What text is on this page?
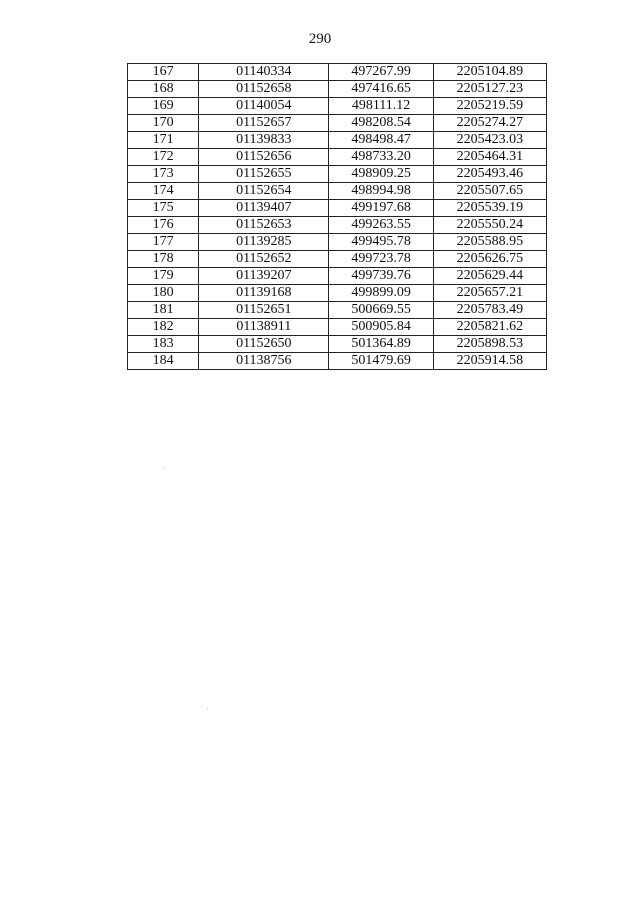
290
167	01140334	497267.99	2205104.89
168	01152658	497416.65	2205127.23
169	01140054	498111.12	2205219.59
170	01152657	498208.54	2205274.27
171	01139833	498498.47	2205423.03
172	01152656	498733.20	2205464.31
173	01152655	498909.25	2205493.46
174	01152654	498994.98	2205507.65
175	01139407	499197.68	2205539.19
176	01152653	499263.55	2205550.24
177	01139285	499495.78	2205588.95
178	01152652	499723.78	2205626.75
179	01139207	499739.76	2205629.44
180	01139168	499899.09	2205657.21
181	01152651	500669.55	2205783.49
182	01138911	500905.84	2205821.62
183	01152650	501364.89	2205898.53
184	01138756	501479.69	2205914.58
